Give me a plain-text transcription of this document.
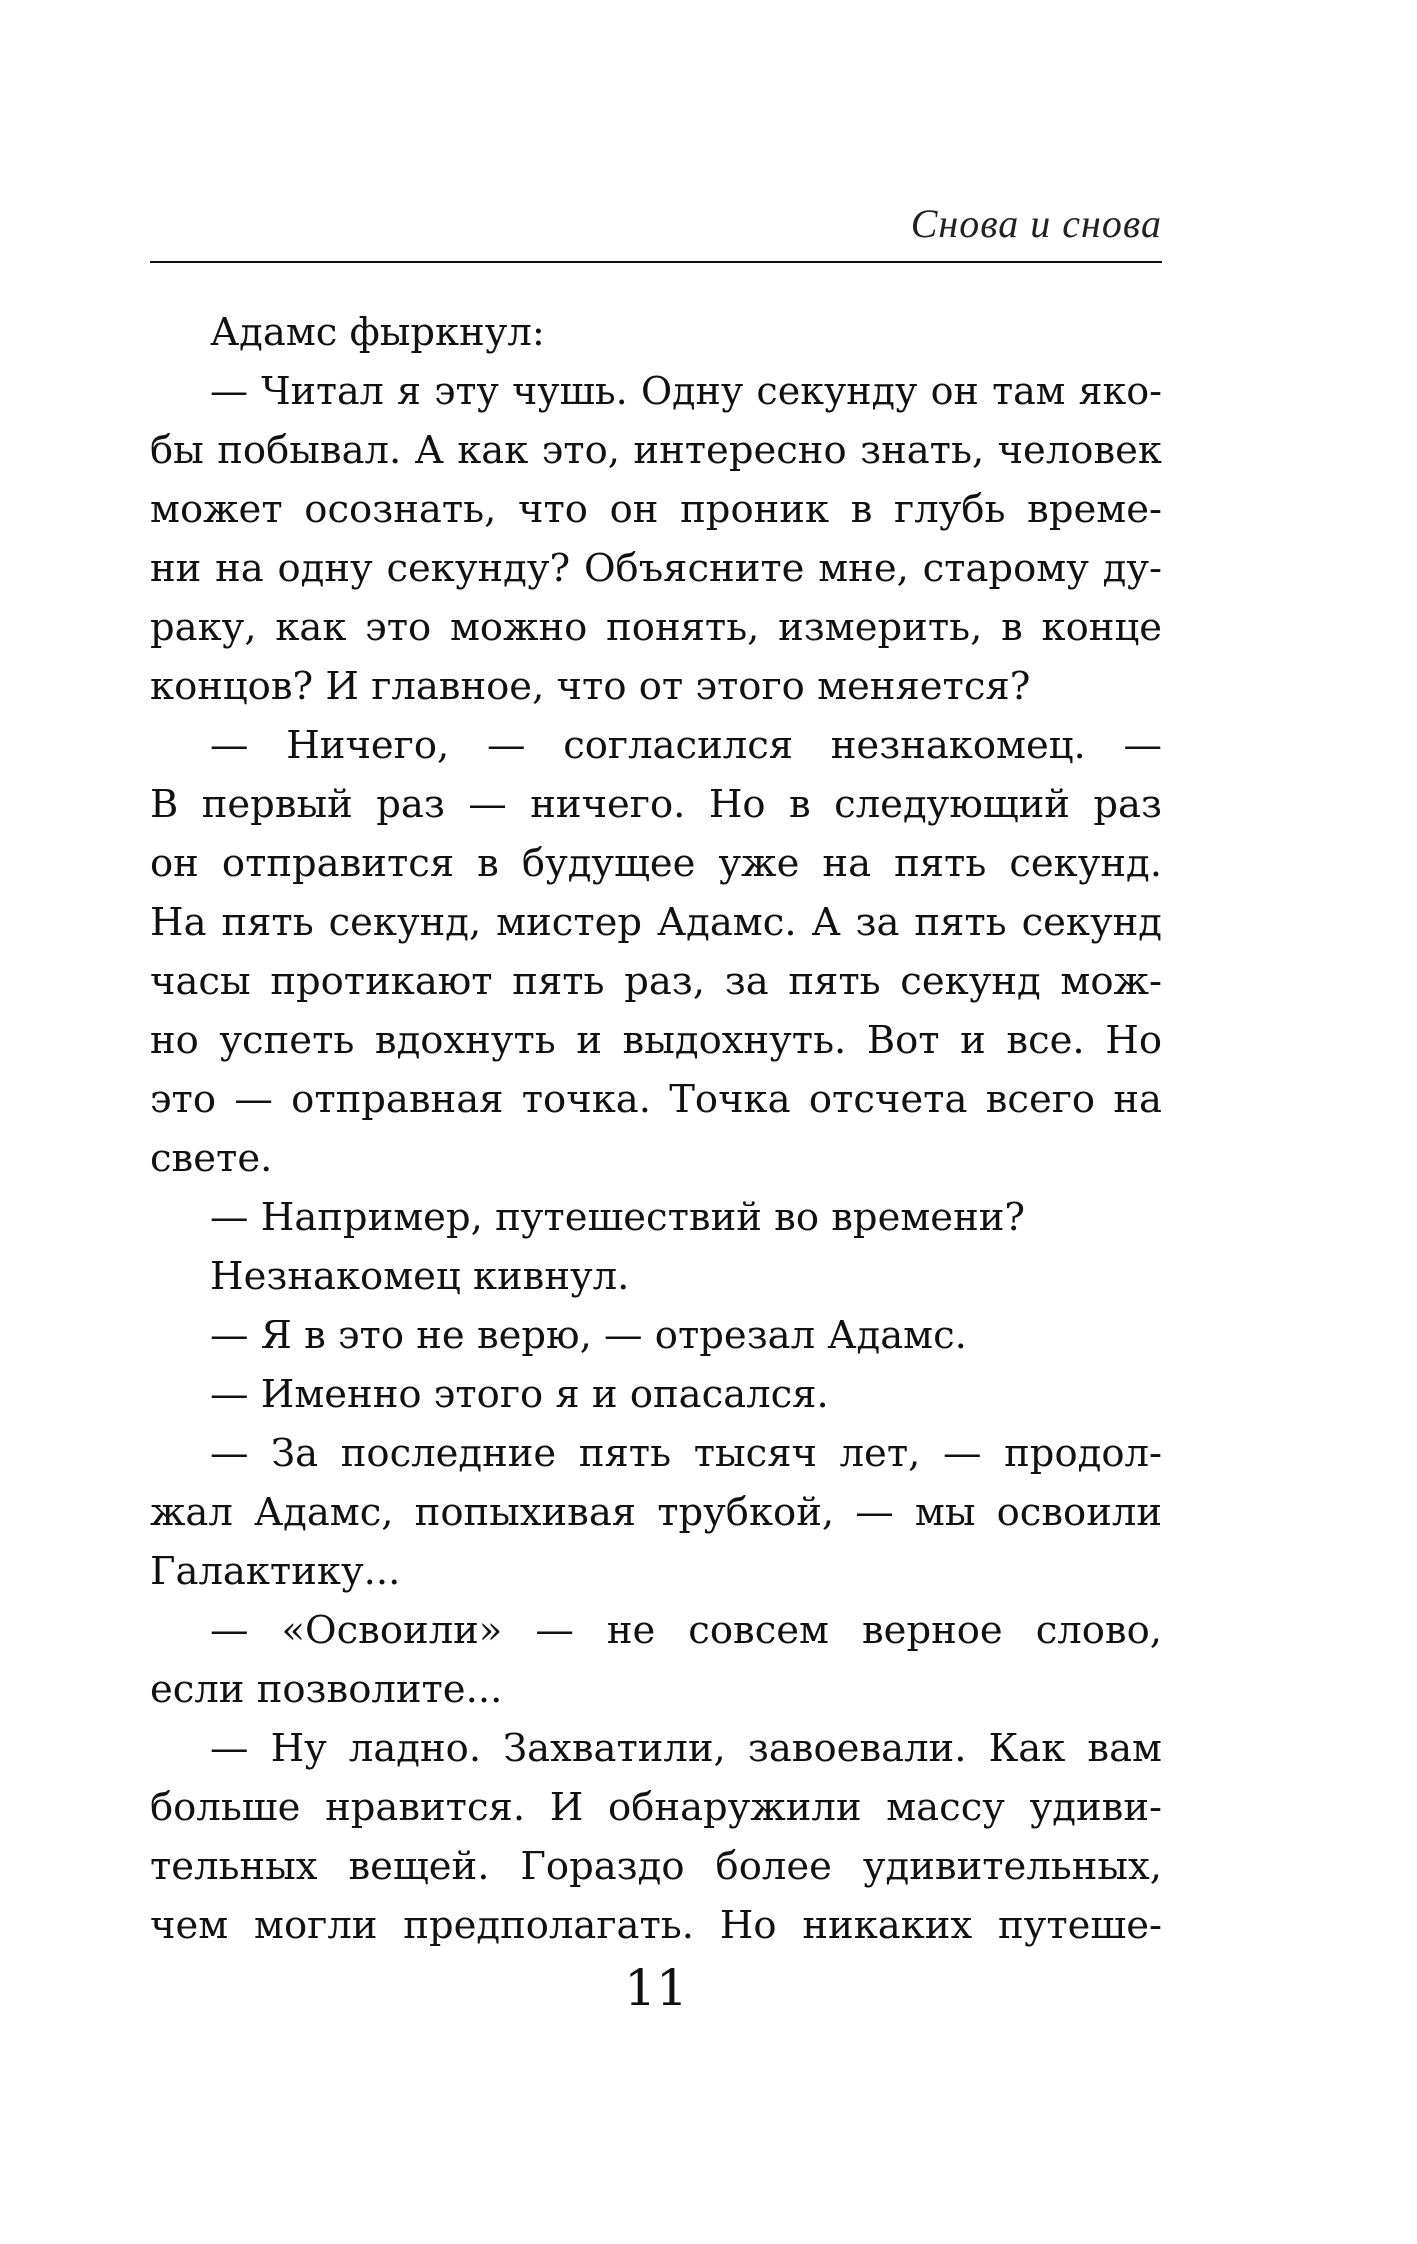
Снова и снова
Адамс фыркнул:
— Читал я эту чушь. Одну секунду он там яко-
бы побывал. А как это, интересно знать, человек
может осознать, что он проник в глубь време-
ни на одну секунду? Объясните мне, старому ду-
раку, как это можно понять, измерить, в конце
концов? И главное, что от этого меняется?
— Ничего, — согласился незнакомец. —
В первый раз — ничего. Но в следующий раз
он отправится в будущее уже на пять секунд.
На пять секунд, мистер Адамс. А за пять секунд
часы протикают пять раз, за пять секунд мож-
но успеть вдохнуть и выдохнуть. Вот и все. Но
это — отправная точка. Точка отсчета всего на
свете.
— Например, путешествий во времени?
Незнакомец кивнул.
— Я в это не верю, — отрезал Адамс.
— Именно этого я и опасался.
— За последние пять тысяч лет, — продол-
жал Адамс, попыхивая трубкой, — мы освоили
Галактику...
— «Освоили» — не совсем верное слово,
если позволите...
— Ну ладно. Захватили, завоевали. Как вам
больше нравится. И обнаружили массу удиви-
тельных вещей. Гораздо более удивительных,
чем могли предполагать. Но никаких путеше-
11
